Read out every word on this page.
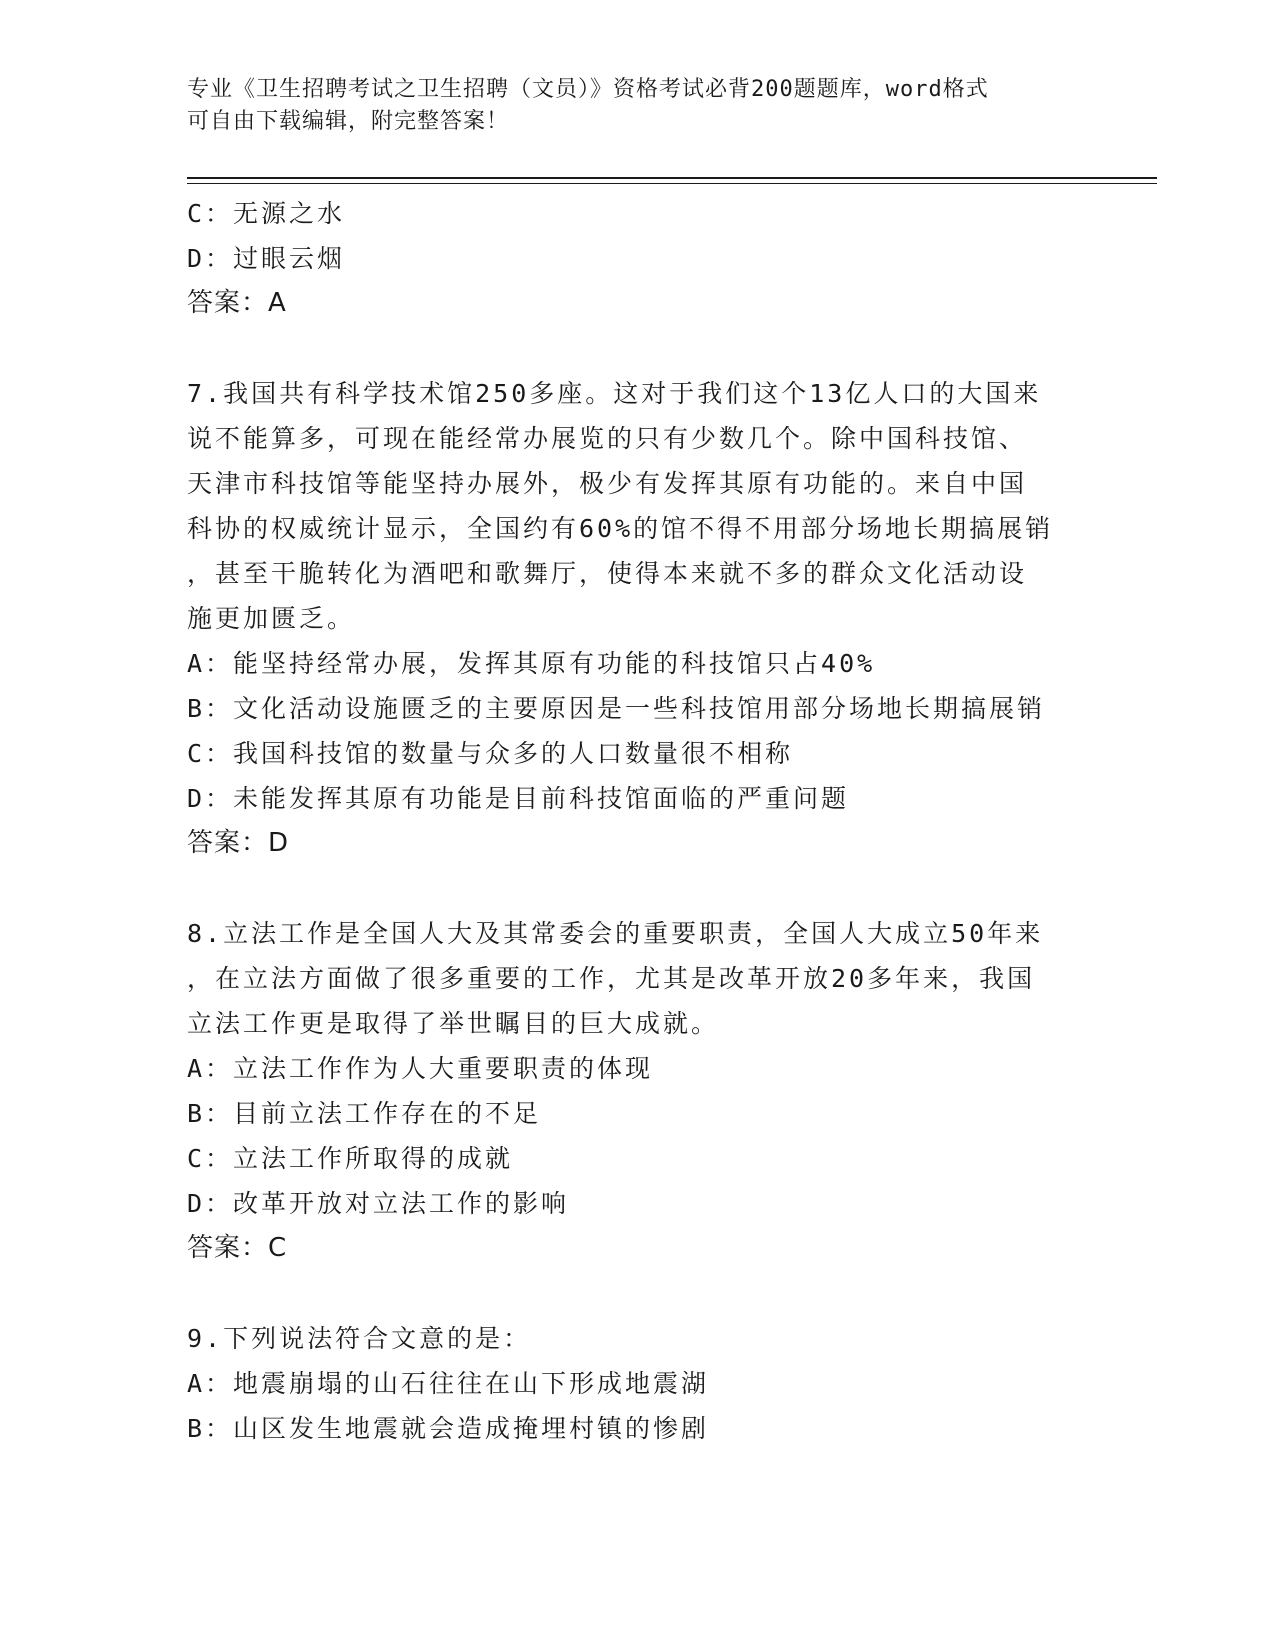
专业《卫生招聘考试之卫生招聘（文员）》资格考试必背200题题库，word格式
可自由下载编辑，附完整答案！
C：无源之水
D：过眼云烟
答案：A
7.我国共有科学技术馆250多座。这对于我们这个13亿人口的大国来
说不能算多，可现在能经常办展览的只有少数几个。除中国科技馆、
天津市科技馆等能坚持办展外，极少有发挥其原有功能的。来自中国
科协的权威统计显示，全国约有60%的馆不得不用部分场地长期搞展销
，甚至干脆转化为酒吧和歌舞厅，使得本来就不多的群众文化活动设
施更加匮乏。
A：能坚持经常办展，发挥其原有功能的科技馆只占40%
B：文化活动设施匮乏的主要原因是一些科技馆用部分场地长期搞展销
C：我国科技馆的数量与众多的人口数量很不相称
D：未能发挥其原有功能是目前科技馆面临的严重问题
答案：D
8.立法工作是全国人大及其常委会的重要职责，全国人大成立50年来
，在立法方面做了很多重要的工作，尤其是改革开放20多年来，我国
立法工作更是取得了举世瞩目的巨大成就。
A：立法工作作为人大重要职责的体现
B：目前立法工作存在的不足
C：立法工作所取得的成就
D：改革开放对立法工作的影响
答案：C
9.下列说法符合文意的是：
A：地震崩塌的山石往往在山下形成地震湖
B：山区发生地震就会造成掩埋村镇的惨剧
